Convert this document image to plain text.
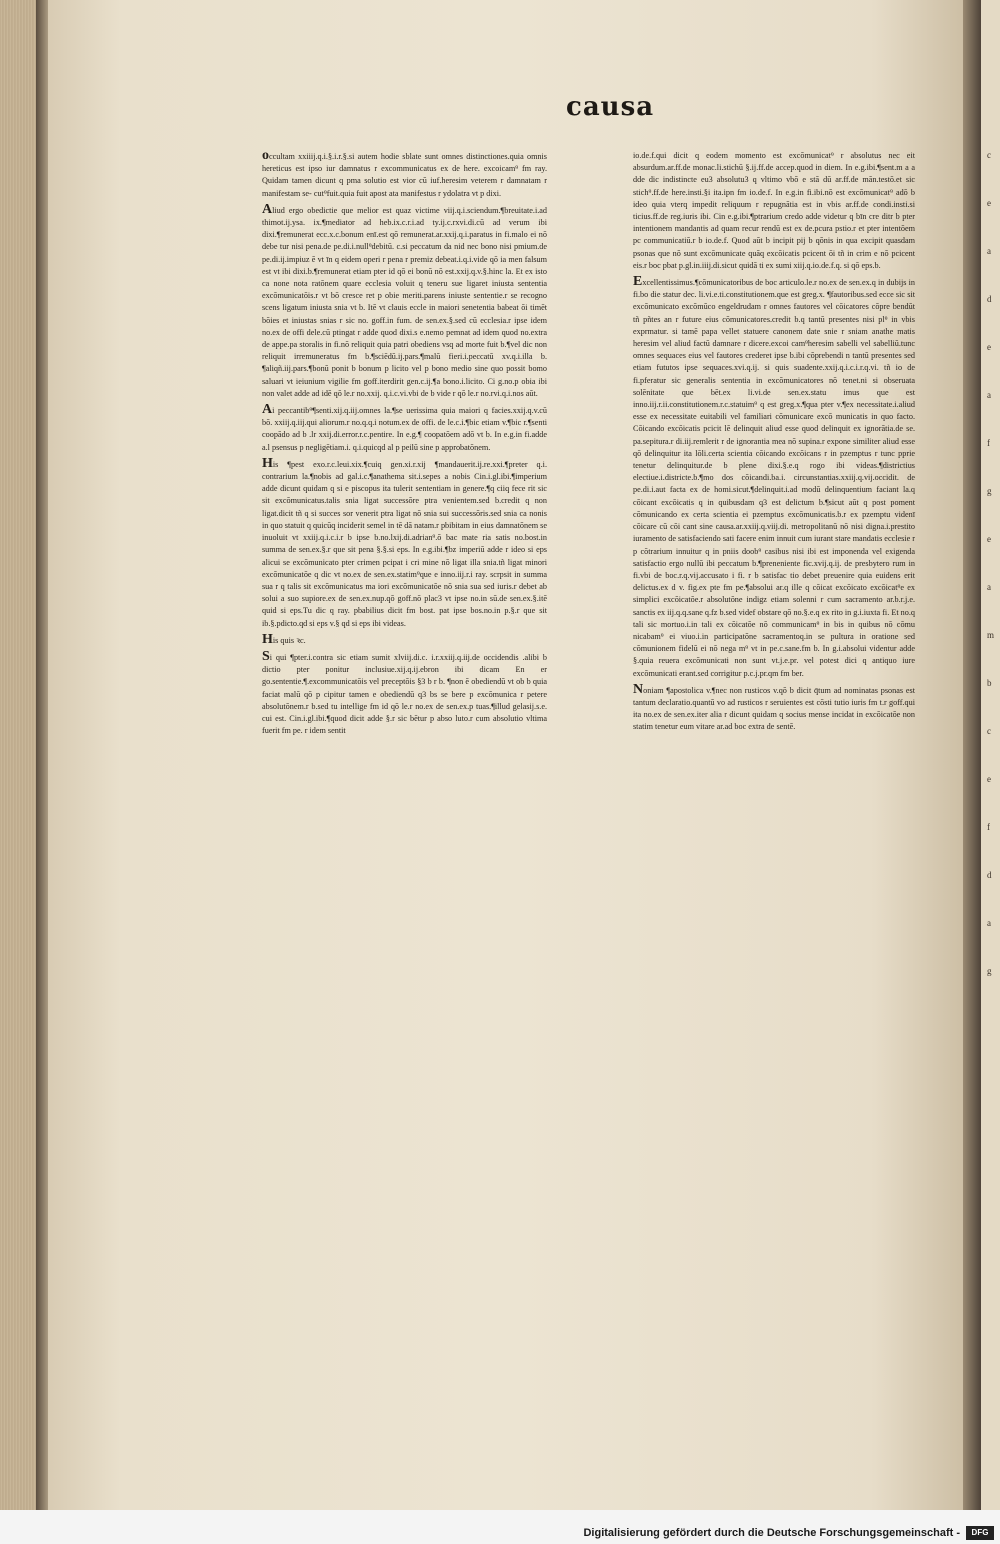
c
e
a
d
e
a
f
g
e
a
m
b
c
e
f
d
a
g
causa

occultam xxiiij.q.i.§.i.r.§.si autem hodie sblate sunt omnes distinctiones.quia omnis hereticus est ipso iur damnatus r excommunicatus ex de here. excoicam⁹ fm ray. Quidam tamen dicunt q pma solutio est vior cū iuf.heresim veterem r damnatam r manifestam se- cut⁹fuit.quia fuit apost ata manifestus r ydolatra vt p dixi.

Aliud ergo obedictie que melior est quaz victime viij.q.i.sciendum.¶breuitate.i.ad thimot.ij.ysa. ix.¶mediator ad heb.ix.c.r.i.ad ty.ij.c.rxvi.di.cū ad verum ibi dixi.¶remunerat ecc.x.c.bonum enī.est qō remunerat.ar.xxij.q.i.paratus in fi.malo ei nō debe tur nisi pena.de pe.di.i.null⁹debitū. c.si peccatum da nid nec bono nisi pmium.de pe.di.ij.impiuz ē vt īn q eidem operi r pena r premiz debeat.i.q.i.vide qō ia men falsum est vt ibi dixi.b.¶remunerat etiam pter id qō ei bonū nō est.xxij.q.v.§.hinc la. Et ex isto ca none nota ratōnem quare ecclesia voluit q teneru sue ligaret iniusta sententia excōmunicatōis.r vt bō cresce ret p obie meriti.parens iniuste sententie.r se recogno scens ligatum iniusta snia vt b. Itē vt clauis eccle in maiori senetentia babeat ōi timēt bōies et iniustas snias r sic no. goff.in fum. de sen.ex.§.sed cū ecclesia.r ipse idem no.ex de offi dele.cū ptingat r adde quod dixi.s e.nemo pemnat ad idem quod no.extra de appe.pa storalis in fi.nō reliquit quia patri obediens vsq ad morte fuit b.¶vel dic non reliquit irremuneratus fm b.¶sciēdū.ij.pars.¶malū fieri.i.peccatū xv.q.i.illa b. ¶aliqñ.iij.pars.¶bonū ponit b bonum p licito vel p bono medio sine quo possit bomo saluari vt ieiunium vigilie fm goff.iterdirit gen.c.ij.¶a bono.i.licito. Ci g.no.p obia ibi non valet adde ad idē qō le.r no.xxij. q.i.c.vi.vbi de b vide r qō le.r no.rvi.q.i.nos aūt.

Ai peccantib⁹¶senti.xij.q.iij.omnes la.¶se uerissima quia maiori q facies.xxij.q.v.cū bō. xxiij.q.iij.qui aliorum.r no.q.q.i notum.ex de offi. de le.c.i.¶bic etiam v.¶bic r.¶senti coopādo ad b .lr xxij.di.error.r.c.pentire. In e.g.¶ coopatōem adō vt b. In e.g.in fi.adde a.l psensus p negligētiam.i. q.i.quicqd al p peilū sine p approbatōnem.

His ¶pest exo.r.c.leui.xix.¶cuiq gen.xi.r.xij ¶mandauerit.ij.re.xxi.¶preter q.i. contrarium la.¶nobis ad gal.i.c.¶anathema sit.i.sepes a nobis Cin.i.gl.ibi.¶imperium adde dicunt quidam q si e piscopus ita tulerit sententiam in genere.¶q ciiq fece rit sic sit excōmunicatus.talis snia ligat successōre ptra venientem.sed b.credit q non ligat.dicit tñ q si succes sor venerit ptra ligat nō snia sui successōris.sed snia ca nonis in quo statuit q quicūq inciderit semel in tē dā natam.r pbibitam in eius damnatōnem se inuoluit vt xxiij.q.i.c.i.r b ipse b.no.lxij.di.adrian⁹.ō bac mate ria satis no.bost.in summa de sen.ex.§.r que sit pena §.§.si eps. In e.g.ibi.¶bz imperiū adde r ideo si eps alicui se excōmunicato pter crimen pcipat i cri mine nō ligat illa snia.tñ ligat minori excōmunicatōe q dic vt no.ex de sen.ex.statim⁹que e inno.iij.r.i ray. scrpsit in summa sua r q talis sit excōmunicatus ma iori excōmunicatōe nō snia sua sed iuris.r debet ab solui a suo supiore.ex de sen.ex.nup.qō goff.nō plac3 vt ipse no.in sū.de sen.ex.§.itē quid si eps.Tu dic q ray. pbabilius dicit fm bost. pat ipse bos.no.in p.§.r que sit ib.§.pdicto.qd si eps v.§ qd si eps ibi videas.

His quis ꝛc.

Si qui ¶pter.i.contra sic etiam sumit xlviij.di.c. i.r.xxiij.q.iij.de occidendis .alibi b dictio pter ponitur inclusiue.xij.q.ij.ebron ibi dicam En er go.sententie.¶.excommunicatōis vel preceptōis §3 b r b. ¶non ē obediendū vt ob b quia faciat malū qō p cipitur tamen e obediendū q3 bs se bere p excōmunica r petere absolutōnem.r b.sed tu intellige fm id qō le.r no.ex de sen.ex.p tuas.¶illud gelasij.s.e. cui est. Cin.i.gl.ibi.¶quod dicit adde §.r sic bētur p abso luto.r cum absolutio vltima fuerit fm pe. r idem sentit

io.de.f.qui dicit q eodem momento est excōmunicat⁹ r absolutus nec eit absurdum.ar.ff.de monac.li.stichū §.ij.ff.de accep.quod in diem. In e.g.ibi.¶sent.m a a dde dic indistincte eu3 absolutu3 q vltimo vbō e stā dū ar.ff.de mān.testō.et sic stich⁹.ff.de here.insti.§i ita.ipn fm io.de.f. In e.g.in fi.ibi.nō est excōmunicat⁹ adō b ideo quia vterq impedit reliquum r repugnātia est in vbis ar.ff.de condi.insti.si ticius.ff.de reg.iuris ibi. Cin e.g.ibi.¶ptrarium credo adde videtur q bīn cre ditr b pter intentionem mandantis ad quam recur rendū est ex de.pcura pstio.r et pter intentōem pc communicatiū.r b io.de.f. Quod aūt b incipit pij b qōnis in qua excipit quasdam psonas que nō sunt excōmunicate quāq excōicatis pcicent ōi tñ in crim e nō pcicent eis.r boc pbat p.gl.in.iiij.di.sicut quidā ti ex sumi xiij.q.io.de.f.q. si qō eps.b.

Excellentissimus.¶cōmunicatoribus de boc articulo.le.r no.ex de sen.ex.q in dubijs in fi.bo die statur dec. li.vi.e.ti.constitutionem.que est greg.x. ¶fautoribus.sed ecce sic sit excōmunicato excōmūco engeldrudam r omnes fautores vel cōicatores cōpre bendūt tñ pñtes an r future eius cōmunicatores.credit b.q tantū presentes nisi pl⁹ in vbis exprmatur. si tamē papa vellet statuere canonem date snie r sniam anathe matis heresim vel aliud factū damnare r dicere.excoi cam⁹heresim sabelli vel sabelliū.tunc omnes sequaces eius vel fautores crederet ipse b.ibi cōprebendi n tantū presentes sed etiam fututos ipse sequaces.xvi.q.ij. si quis suadente.xxij.q.i.c.i.r.q.vi. tñ io de fi.pferatur sic generalis sententia in excōmunicatores nō tenet.ni si obseruata solēnitate que bēt.ex li.vi.de sen.ex.statu imus que est inno.iij.r.ii.constitutionem.r.c.statuim⁹ q est greg.x.¶qua pter v.¶ex necessitate.i.aliud esse ex necessitate euitabili vel familiari cōmunicare excō municatis in quo facto. Cōicando excōicatis pcicit lē delinquit aliud esse quod delinquit ex ignorātia.de se. pa.sepitura.r di.iij.remlerit r de ignorantia mea nō supina.r expone similiter aliud esse qō delinquitur ita lōli.certa scientia cōicando excōicans r in pzemptus r tunc pprie tenetur delinquitur.de b plene dixi.§.e.q rogo ibi videas.¶districtius electiue.i.districte.b.¶mo dos cōicandi.ba.i. circunstantias.xxiij.q.vij.occidit. de pe.di.i.aut facta ex de homi.sicut.¶delinquit.i.ad modū delinquentium faciant la.q cōicant excōicatis q in quibusdam q3 est delictum b.¶sicut aūt q post poment cōmunicando ex certa scientia ei pzemptus excōmunicatis.b.r ex pzemptu videnī cōicare cū cōi cant sine causa.ar.xxiij.q.viij.di. metropolitanū nō nisi digna.i.prestito iuramento de satisfaciendo sati facere enim innuit cum iurant stare mandatis ecclesie r p cōtrarium innuitur q in pniis doob⁹ casibus nisi ibi est imponenda vel exigenda satisfactio ergo nullū ibi peccatum b.¶preneniente fic.xvij.q.ij. de presbytero rum in fi.vbi de boc.r.q.vij.accusato i fi. r b satisfac tio debet preuenire quia euidens erit delictus.ex d v. fig.ex pte fm pe.¶absolui ar.q ille q cōicat excōicato excōicat⁹e ex simplici excōicatōe.r absolutōne indigz etiam solenni r cum sacramento ar.b.r.j.e. sanctis ex iij.q.q.sane q.fz b.sed videf obstare qō no.§.e.q ex rito in g.i.iuxta fi. Et no.q tali sic mortuo.i.in tali ex cōicatōe nō communicam⁹ in bis in quibus nō cōmu nicabam⁹ ei viuo.i.in participatōne sacramentoq.in se pultura in oratione sed cōmunionem fidelū ei nō nega m⁹ vt in pe.c.sane.fm b. In g.i.absolui videntur adde §.quia reuera excōmunicati non sunt vt.j.e.pr. vel potest dici q antiquo iure excōmunicati erant.sed corrigitur p.c.j.pr.qm fm ber.

Noniam ¶apostolica v.¶nec non rusticos v.qō b dicit q̄tum ad nominatas psonas est tantum declaratio.quantū vo ad rusticos r seruientes est cōsti tutio iuris fm t.r goff.qui ita no.ex de sen.ex.iter alia r dicunt quidam q socius mense incidat in excōicatōe non statim tenetur eum vitare ar.ad boc extra de sentē.

Digitalisierung gefördert durch die Deutsche Forschungsgemeinschaft -	DFG
